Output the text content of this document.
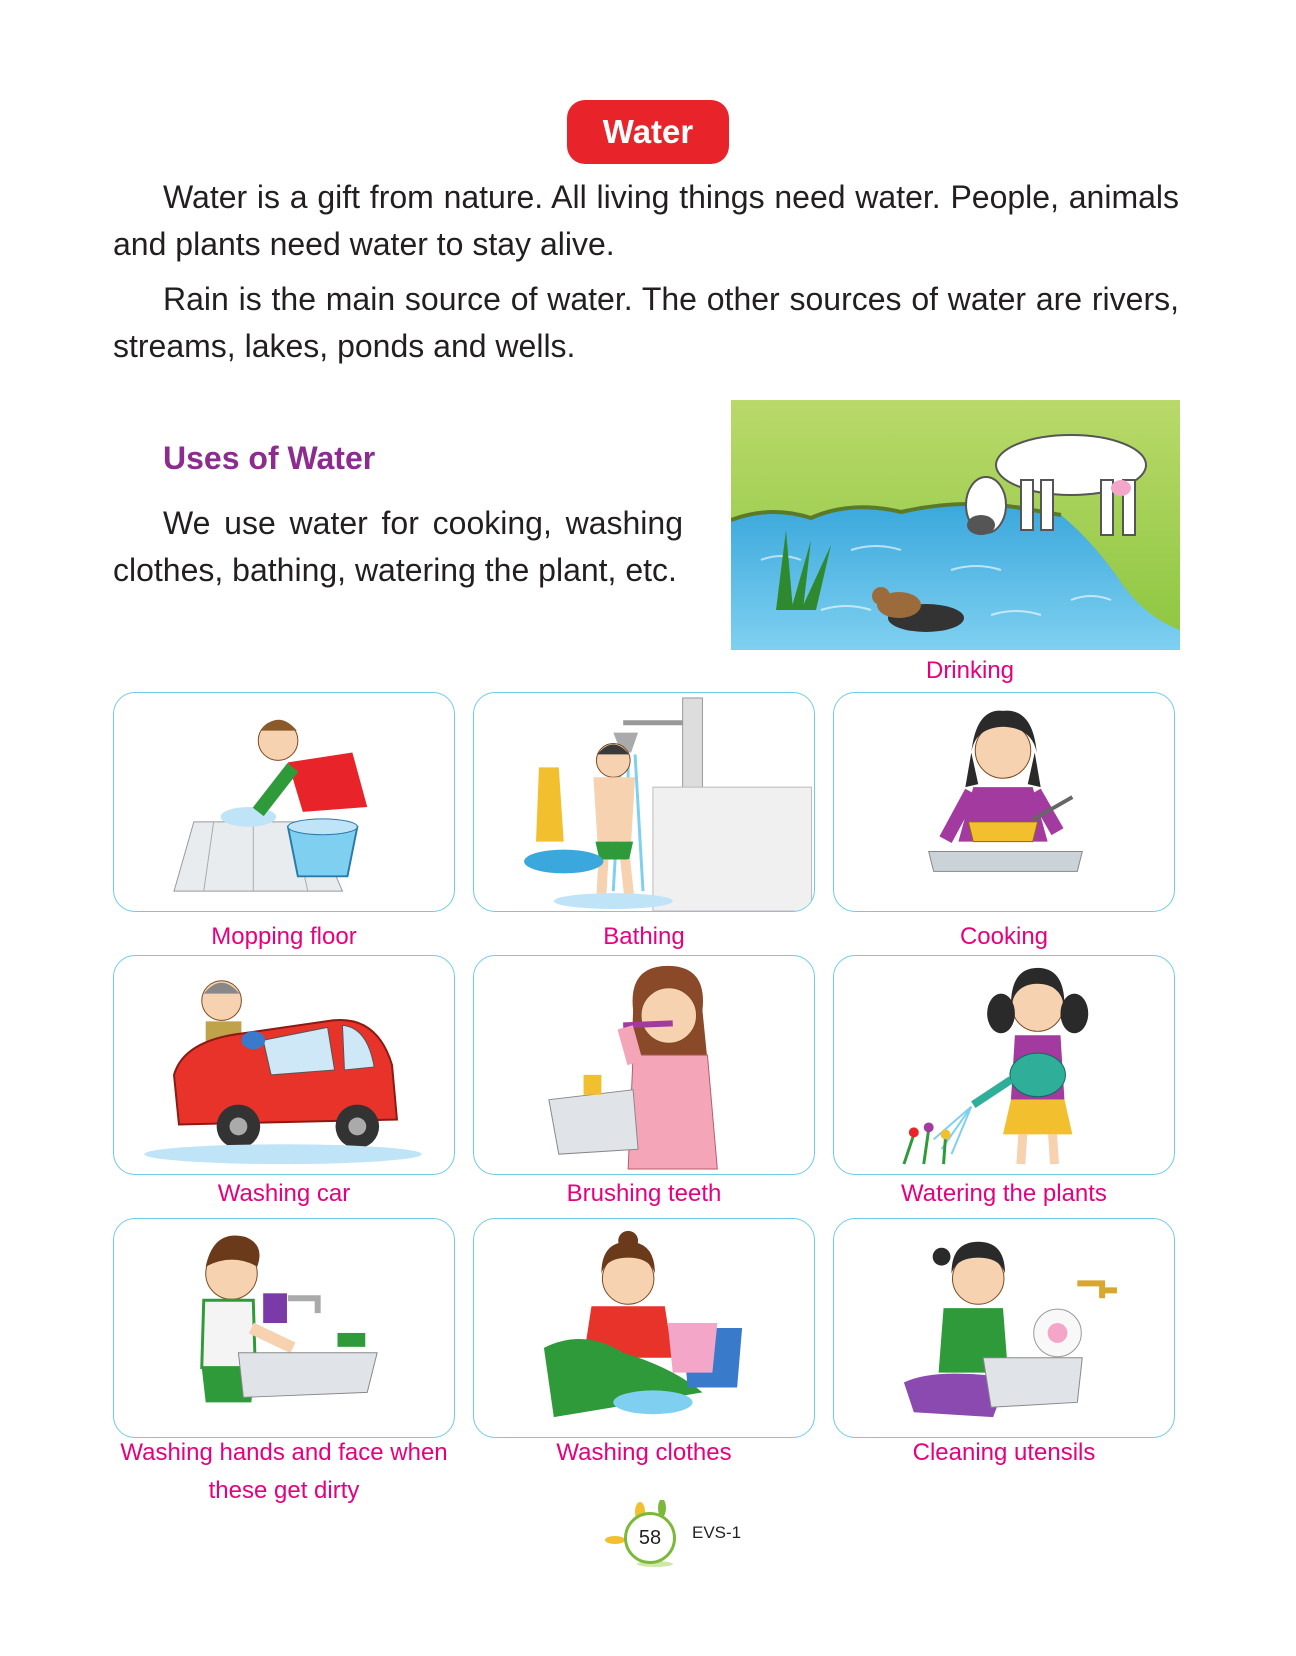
Water

Water is a gift from nature. All living things need water. People, animals and plants need water to stay alive.

Rain is the main source of water. The other sources of water are rivers, streams, lakes, ponds and wells.

Uses of Water

We use water for cooking, washing clothes, bathing, watering the plant, etc.

Drinking
Mopping floor	Bathing	Cooking
Washing car	Brushing teeth	Watering the plants
Washing hands and face when these get dirty
Washing clothes	Cleaning utensils
58	EVS-1
